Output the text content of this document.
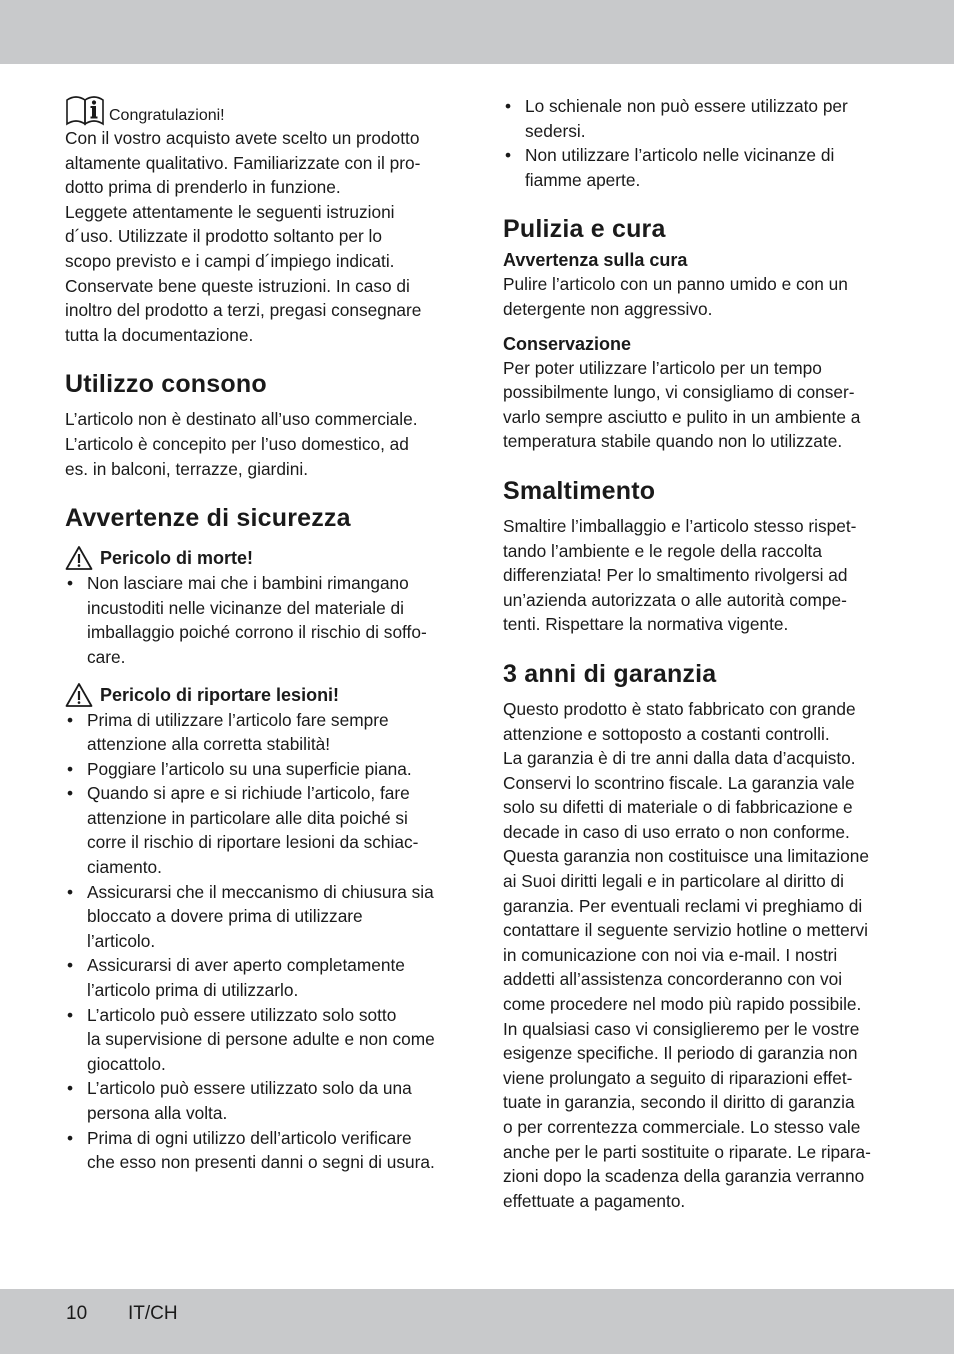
Congratulazioni!

Con il vostro acquisto avete scelto un prodotto

altamente qualitativo. Familiarizzate con il pro-

dotto prima di prenderlo in funzione.

Leggete attentamente le seguenti istruzioni

d´uso. Utilizzate il prodotto soltanto per lo

scopo previsto e i campi d´impiego indicati.

Conservate bene queste istruzioni. In caso di

inoltro del prodotto a terzi, pregasi consegnare

tutta la documentazione.

Utilizzo consono

L’articolo non è destinato all’uso commerciale.

L’articolo è concepito per l’uso domestico, ad

es. in balconi, terrazze, giardini.

Avvertenze di sicurezza
Pericolo di morte!

• Non lasciare mai che i bambini rimangano

incustoditi nelle vicinanze del materiale di

imballaggio poiché corrono il rischio di soffo-

care.

Pericolo di riportare lesioni!

• Prima di utilizzare l’articolo fare sempre

attenzione alla corretta stabilità!

• Poggiare l’articolo su una superficie piana.

• Quando si apre e si richiude l’articolo, fare

attenzione in particolare alle dita poiché si

corre il rischio di riportare lesioni da schiac-

ciamento.

• Assicurarsi che il meccanismo di chiusura sia

bloccato a dovere prima di utilizzare

l’articolo.

• Assicurarsi di aver aperto completamente

l’articolo prima di utilizzarlo.

• L’articolo può essere utilizzato solo sotto

la supervisione di persone adulte e non come

giocattolo.

• L’articolo può essere utilizzato solo da una

persona alla volta.

• Prima di ogni utilizzo dell’articolo verificare

che esso non presenti danni o segni di usura.

• Lo schienale non può essere utilizzato per

sedersi.

• Non utilizzare l’articolo nelle vicinanze di

fiamme aperte.

Pulizia e cura
Avvertenza sulla cura

Pulire l’articolo con un panno umido e con un

detergente non aggressivo.

Conservazione

Per poter utilizzare l’articolo per un tempo

possibilmente lungo, vi consigliamo di conser-

varlo sempre asciutto e pulito in un ambiente a

temperatura stabile quando non lo utilizzate.

Smaltimento

Smaltire l’imballaggio e l’articolo stesso rispet-

tando l’ambiente e le regole della raccolta

differenziata! Per lo smaltimento rivolgersi ad

un’azienda autorizzata o alle autorità compe-

tenti. Rispettare la normativa vigente.

3 anni di garanzia

Questo prodotto è stato fabbricato con grande

attenzione e sottoposto a costanti controlli.

La garanzia è di tre anni dalla data d’acquisto.

Conservi lo scontrino fiscale. La garanzia vale

solo su difetti di materiale o di fabbricazione e

decade in caso di uso errato o non conforme.

Questa garanzia non costituisce una limitazione

ai Suoi diritti legali e in particolare al diritto di

garanzia. Per eventuali reclami vi preghiamo di

contattare il seguente servizio hotline o mettervi

in comunicazione con noi via e-mail. I nostri

addetti all’assistenza concorderanno con voi

come procedere nel modo più rapido possibile.

In qualsiasi caso vi consiglieremo per le vostre

esigenze specifiche. Il periodo di garanzia non

viene prolungato a seguito di riparazioni effet-

tuate in garanzia, secondo il diritto di garanzia

o per correntezza commerciale. Lo stesso vale

anche per le parti sostituite o riparate. Le ripara-

zioni dopo la scadenza della garanzia verranno

effettuate a pagamento.

10 IT/CH
